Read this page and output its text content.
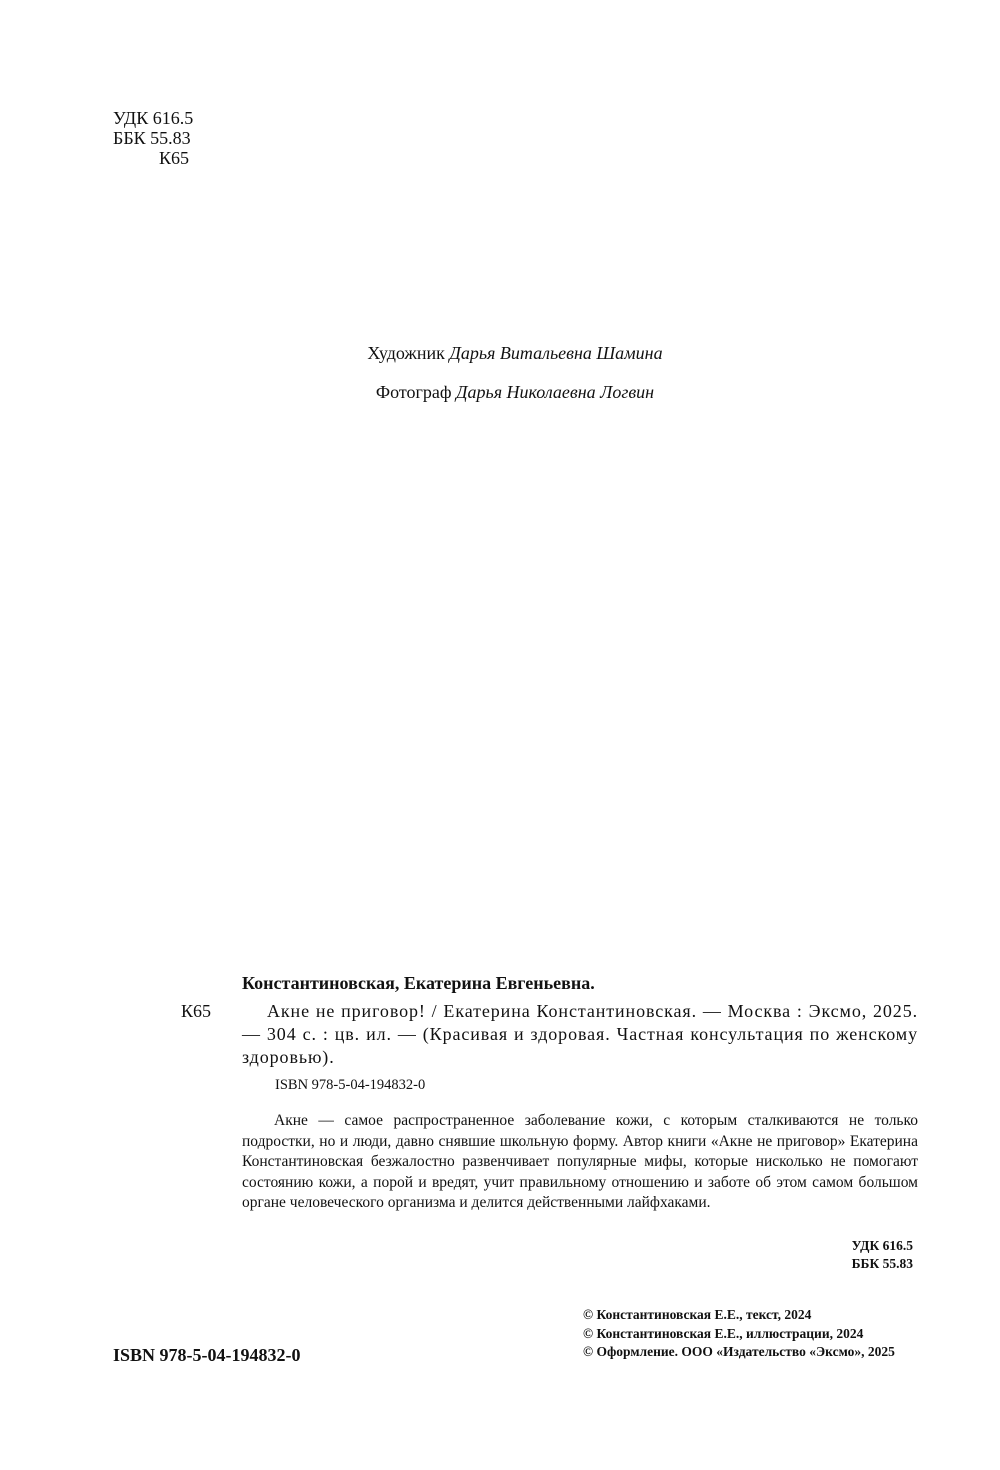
УДК 616.5
ББК 55.83
К65
Художник Дарья Витальевна Шамина
Фотограф Дарья Николаевна Логвин
Константиновская, Екатерина Евгеньевна.
К65	Акне не приговор! / Екатерина Константиновская. — Москва : Эксмо, 2025. — 304 с. : цв. ил. — (Красивая и здоровая. Частная консультация по женскому здоровью).
ISBN 978-5-04-194832-0
Акне — самое распространенное заболевание кожи, с которым сталкиваются не только подростки, но и люди, давно снявшие школьную форму. Автор книги «Акне не приговор» Екатерина Константиновская безжалостно развенчивает популярные мифы, которые нисколько не помогают состоянию кожи, а порой и вредят, учит правильному отношению и заботе об этом самом большом органе человеческого организма и делится действенными лайфхаками.
УДК 616.5
ББК 55.83
ISBN 978-5-04-194832-0
© Константиновская Е.Е., текст, 2024
© Константиновская Е.Е., иллюстрации, 2024
© Оформление. ООО «Издательство «Эксмо», 2025
